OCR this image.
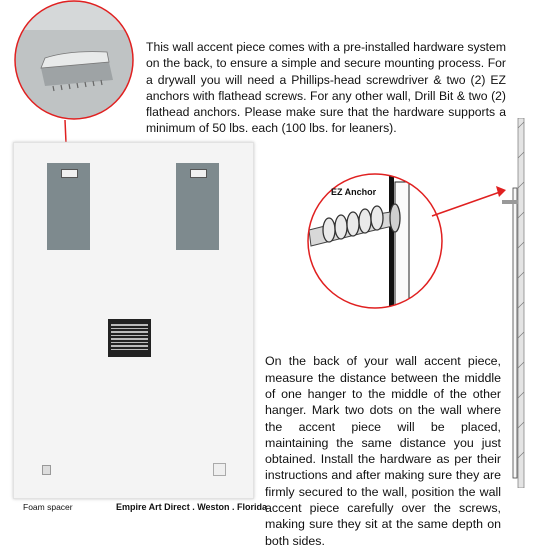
This wall accent piece comes with a pre-installed hardware system on the back, to ensure a simple and secure mounting process. For a drywall you will need a Phillips-head screwdriver & two (2) EZ anchors with flathead screws. For any other wall, Drill Bit & two (2) flathead anchors. Please make sure that the hardware supports a minimum of 50 lbs. each (100 lbs. for leaners).

Foam spacer	Empire Art Direct . Weston . Florida
EZ Anchor

On the back of your wall accent piece, measure the distance between the middle of one hanger to the middle of the other hanger. Mark two dots on the wall where the accent piece will be placed, maintaining the same distance you just obtained. Install the hardware as per their instructions and after making sure they are firmly secured to the wall, position the wall accent piece carefully over the screws, making sure they sit at the same depth on both sides.
